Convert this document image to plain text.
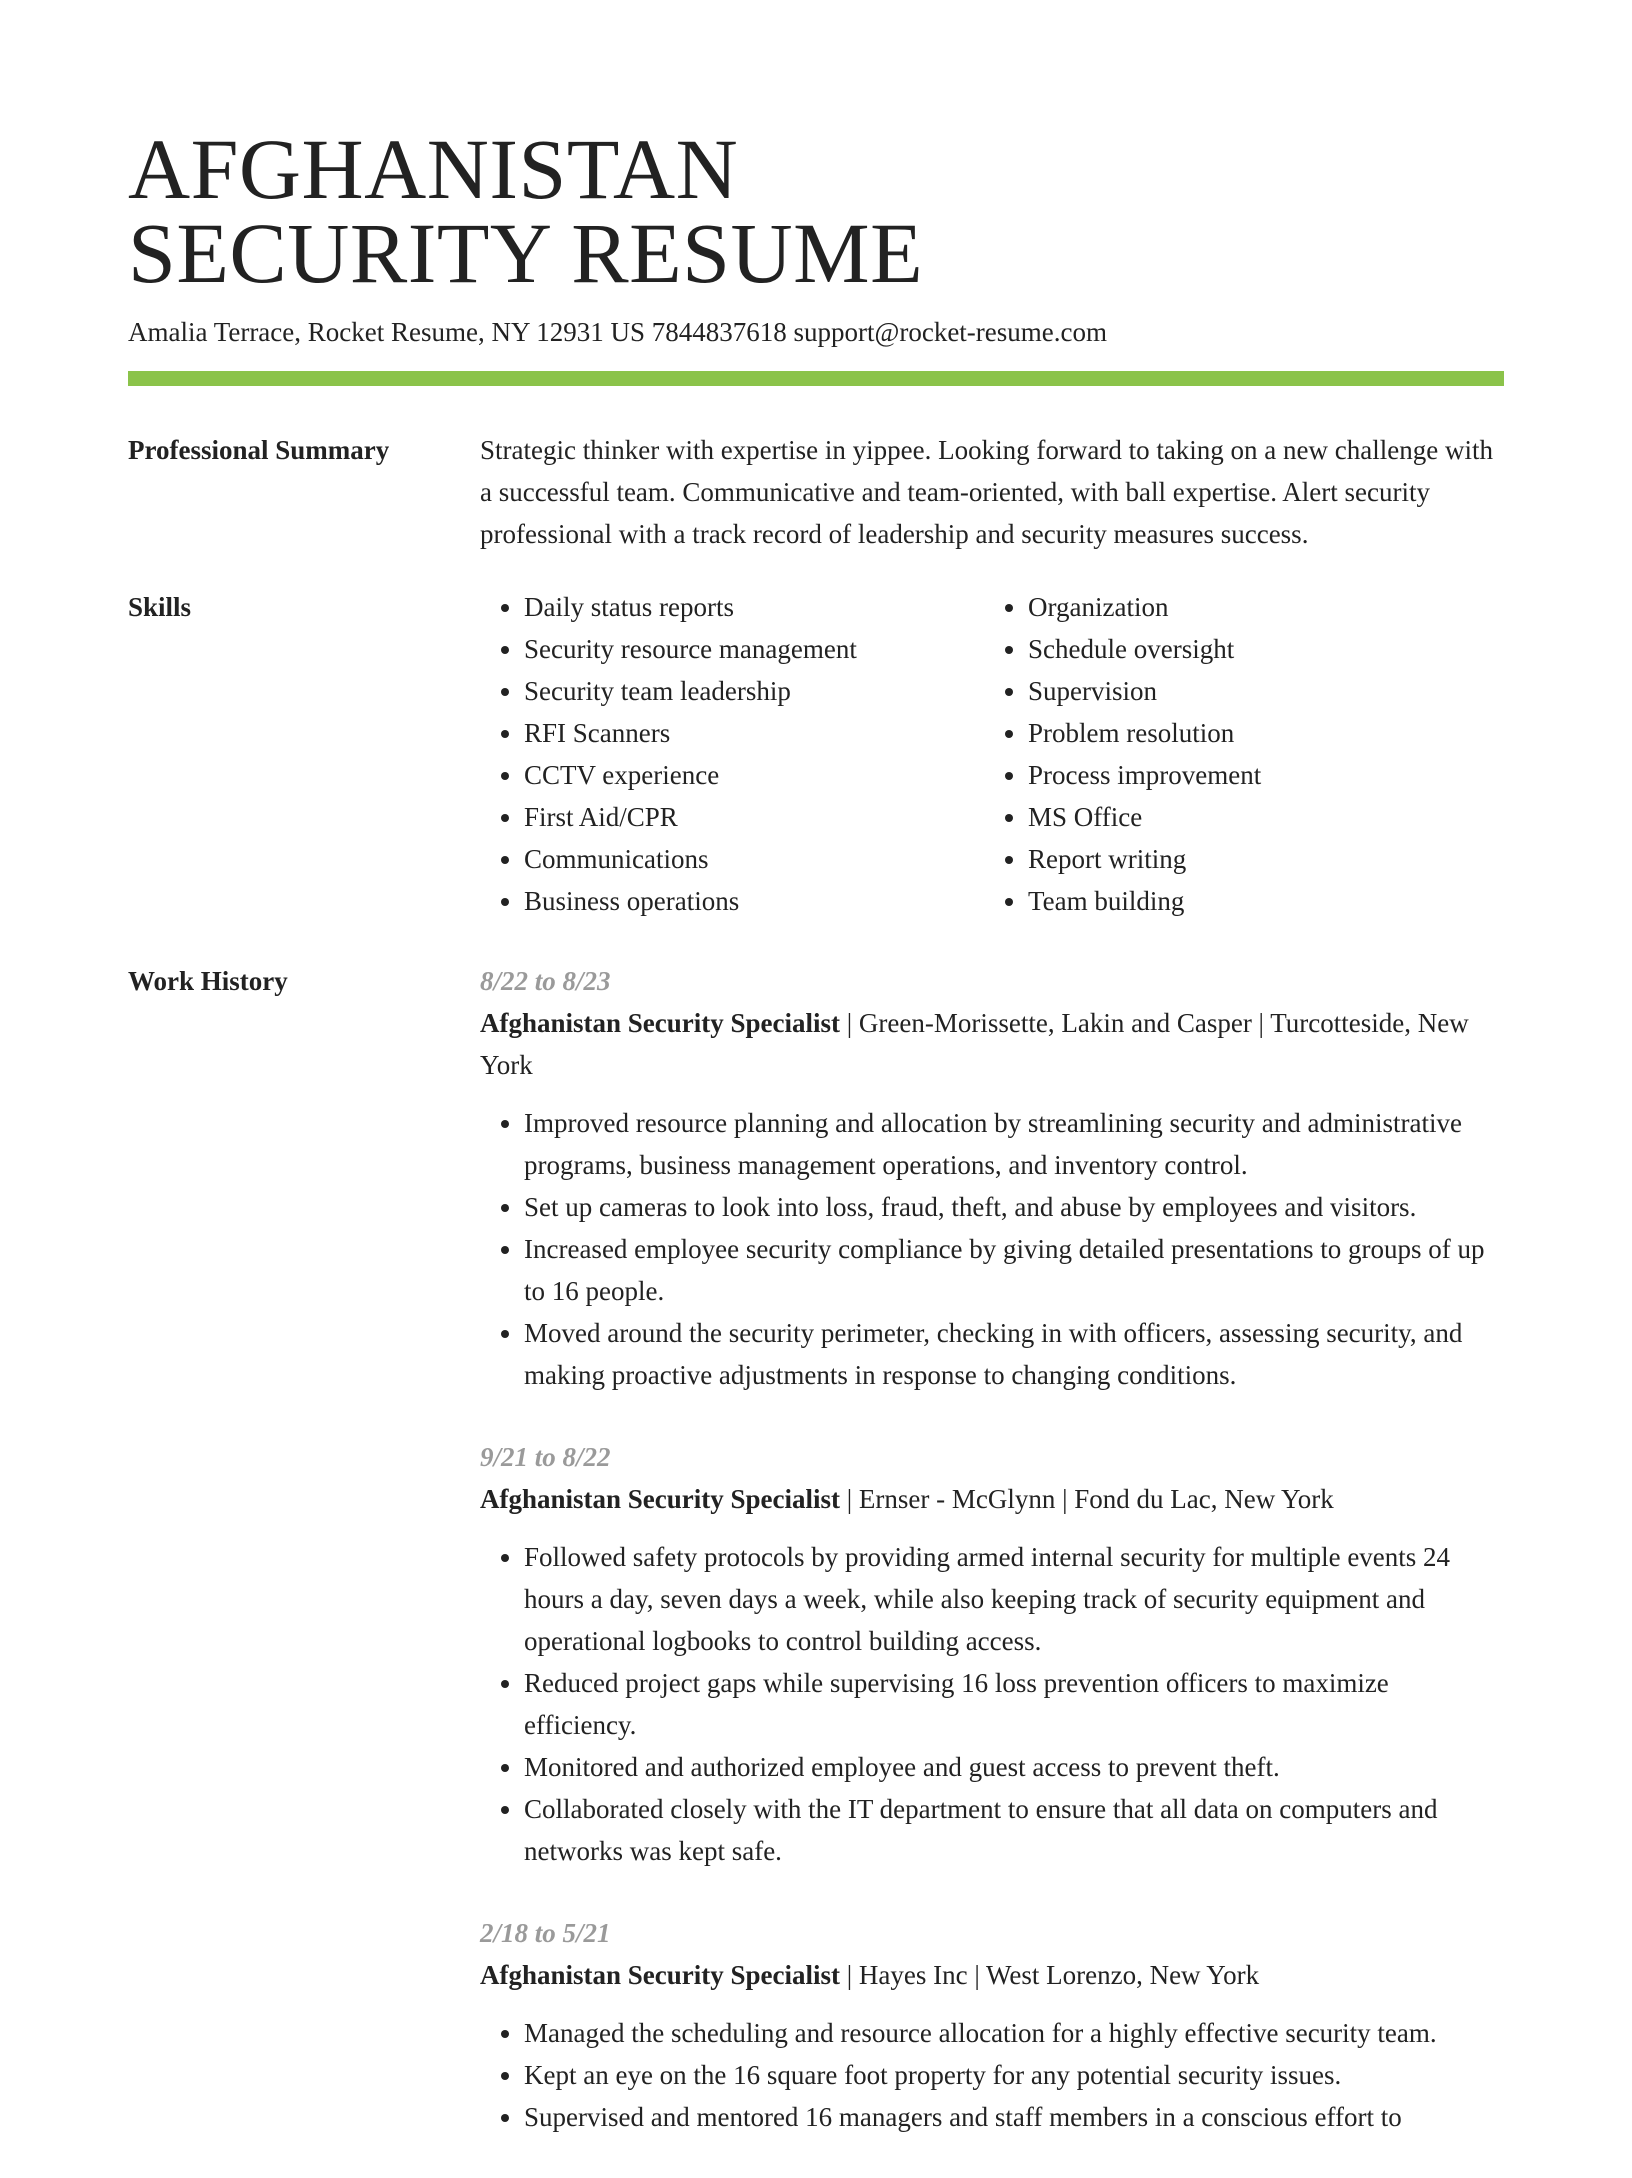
AFGHANISTAN
SECURITY RESUME
Amalia Terrace, Rocket Resume, NY 12931 US 7844837618 support@rocket-resume.com
Professional Summary	Strategic thinker with expertise in yippee. Looking forward to taking on a new challenge with a successful team. Communicative and team-oriented, with ball expertise. Alert security professional with a track record of leadership and security measures success.

Skills
•	Daily status reports
• Security resource management
• Security team leadership
• RFI Scanners
• CCTV experience
• First Aid/CPR
• Communications
• Business operations
• Organization
• Schedule oversight
• Supervision
• Problem resolution
• Process improvement
• MS Office
• Report writing
• Team building
Work History	8/22 to 8/23
Afghanistan Security Specialist | Green-Morissette, Lakin and Casper | Turcotteside, New York
• Improved resource planning and allocation by streamlining security and administrative programs, business management operations, and inventory control.
• Set up cameras to look into loss, fraud, theft, and abuse by employees and visitors.
• Increased employee security compliance by giving detailed presentations to groups of up to 16 people.
• Moved around the security perimeter, checking in with officers, assessing security, and making proactive adjustments in response to changing conditions.
9/21 to 8/22
Afghanistan Security Specialist | Ernser - McGlynn | Fond du Lac, New York
• Followed safety protocols by providing armed internal security for multiple events 24 hours a day, seven days a week, while also keeping track of security equipment and operational logbooks to control building access.
• Reduced project gaps while supervising 16 loss prevention officers to maximize efficiency.
• Monitored and authorized employee and guest access to prevent theft.
• Collaborated closely with the IT department to ensure that all data on computers and networks was kept safe.
2/18 to 5/21
Afghanistan Security Specialist | Hayes Inc | West Lorenzo, New York
• Managed the scheduling and resource allocation for a highly effective security team.
• Kept an eye on the 16 square foot property for any potential security issues.
• Supervised and mentored 16 managers and staff members in a conscious effort to
